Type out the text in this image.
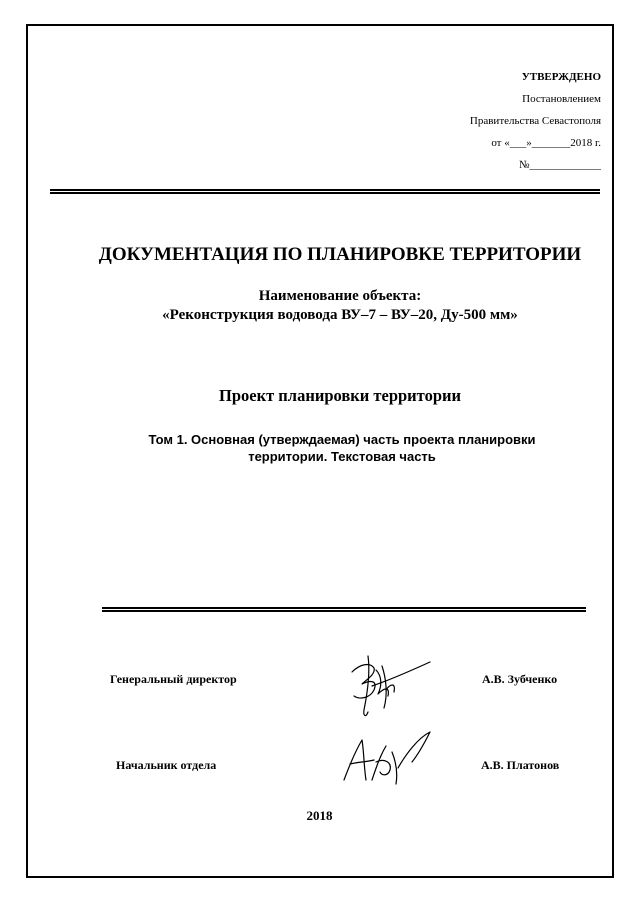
УТВЕРЖДЕНО
Постановлением
Правительства Севастополя
от «___»_______2018 г.
№_____________
ДОКУМЕНТАЦИЯ ПО ПЛАНИРОВКЕ ТЕРРИТОРИИ
Наименование объекта:
«Реконструкция водовода ВУ–7 – ВУ–20, Ду-500 мм»
Проект планировки территории
Том 1. Основная (утверждаемая) часть проекта планировки
территории. Текстовая часть
Генеральный директор	А.В. Зубченко
Начальник отдела	А.В. Платонов
2018
